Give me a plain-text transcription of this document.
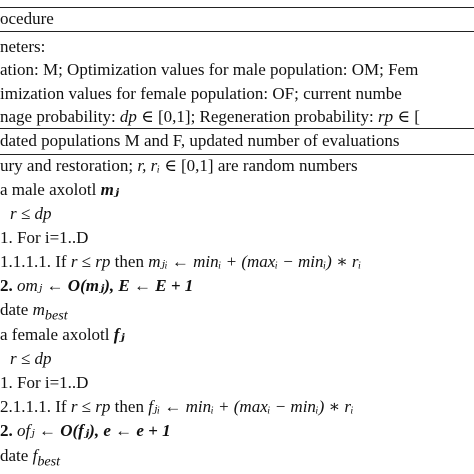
ocedure
neters:
ation: M; Optimization values for male population: OM; Fem
imization values for female population: OF; current numbe
nage probability: dp ∈ [0,1]; Regeneration probability: rp ∈ [
dated populations M and F, updated number of evaluations
ury and restoration; r, rᵢ ∈ [0,1] are random numbers
a male axolotl mⱼ
r ≤ dp
1. For i=1..D
1.1.1.1. If r ≤ rp then mⱼᵢ ← minᵢ + (maxᵢ − minᵢ) ∗ rᵢ
2. omⱼ ← O(mⱼ), E ← E + 1
date $m_{best}$
a female axolotl fⱼ
r ≤ dp
1. For i=1..D
2.1.1.1. If r ≤ rp then fⱼᵢ ← minᵢ + (maxᵢ − minᵢ) ∗ rᵢ
2. ofⱼ ← O(fⱼ), e ← e + 1
date $f_{best}$
